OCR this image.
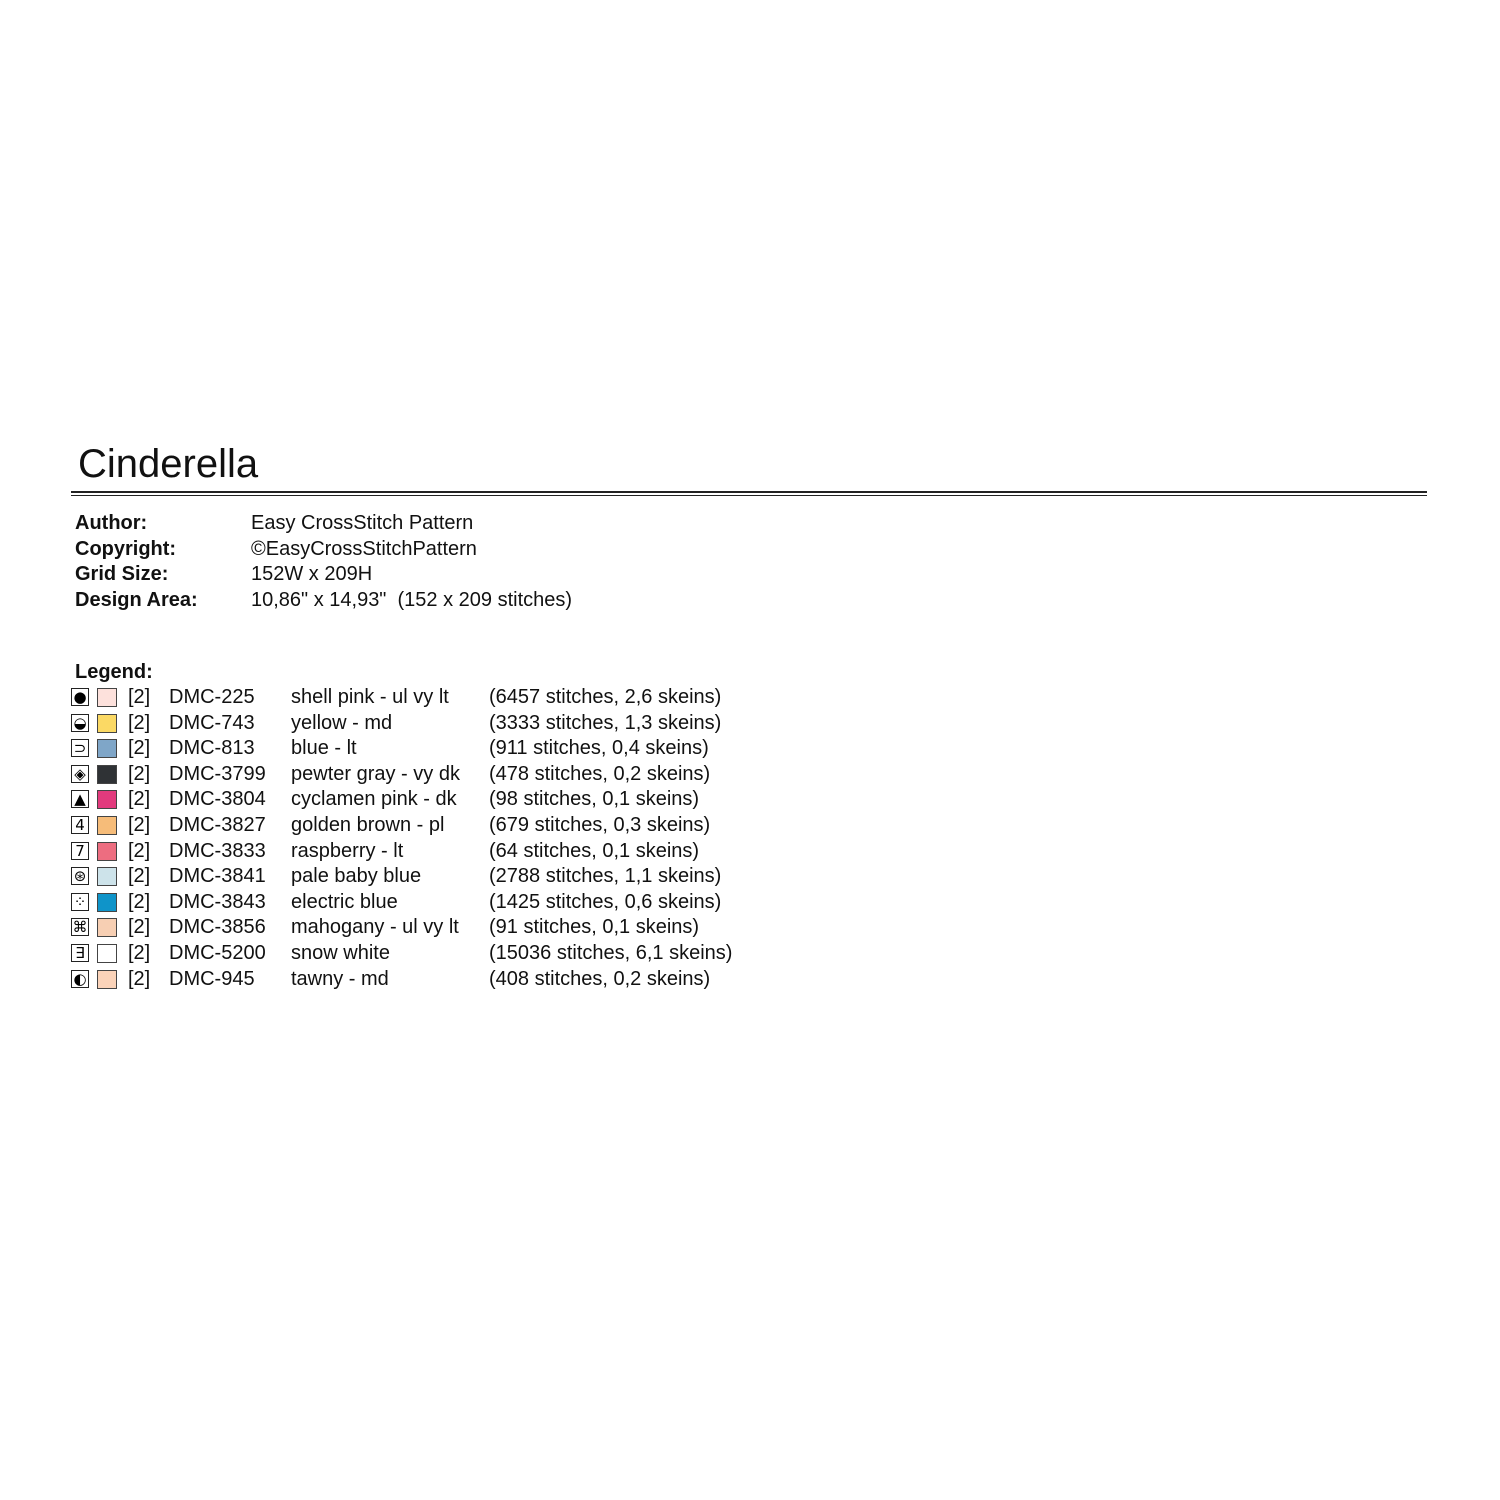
Cinderella
Author:	Easy CrossStitch Pattern
Copyright:	©EasyCrossStitchPattern
Grid Size:	152W x 209H
Design Area:	10,86" x 14,93"  (152 x 209 stitches)
Legend:
● [2] DMC-225 shell pink - ul vy lt (6457 stitches, 2,6 skeins)
◒ [2] DMC-743 yellow - md	(3333 stitches, 1,3 skeins)
⊃ [2] DMC-813 blue - lt	(911 stitches, 0,4 skeins)
◈ [2] DMC-3799 pewter gray - vy dk (478 stitches, 0,2 skeins)
▲ [2] DMC-3804 cyclamen pink - dk (98 stitches, 0,1 skeins)
4 [2] DMC-3827 golden brown - pl (679 stitches, 0,3 skeins)
7 [2] DMC-3833 raspberry - lt	(64 stitches, 0,1 skeins)
⊛ [2] DMC-3841 pale baby blue	(2788 stitches, 1,1 skeins)
⁘ [2] DMC-3843 electric blue	(1425 stitches, 0,6 skeins)
⌘ [2] DMC-3856 mahogany - ul vy lt (91 stitches, 0,1 skeins)
∃ [2] DMC-5200 snow white	(15036 stitches, 6,1 skeins)
◐ [2] DMC-945 tawny - md	(408 stitches, 0,2 skeins)
